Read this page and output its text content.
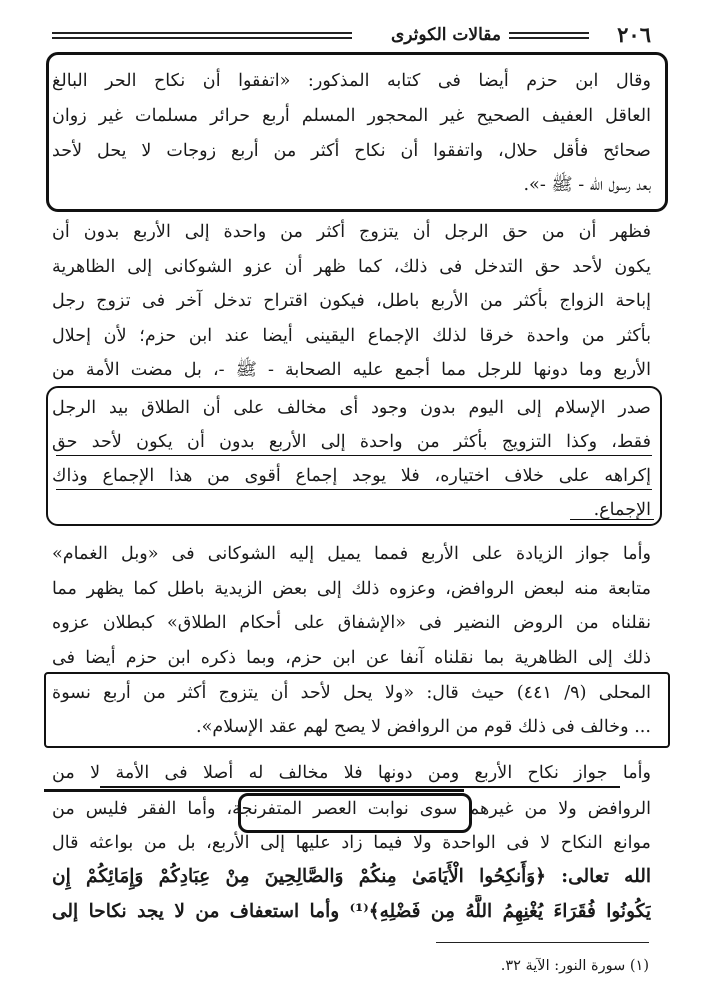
٢٠٦
مقالات الكوثرى
وقال ابن حزم أيضا فى كتابه المذكور: «اتفقوا أن نكاح الحر البالغ
العاقل العفيف الصحيح غير المحجور المسلم أربع حرائر مسلمات غير زوان
صحائح فأقل حلال، واتفقوا أن نكاح أكثر من أربع زوجات لا يحل لأحد
بعد رسول الله - ﷺ -».
فظهر أن من حق الرجل أن يتزوج أكثر من واحدة إلى الأربع بدون أن
يكون لأحد حق التدخل فى ذلك، كما ظهر أن عزو الشوكانى إلى الظاهرية
إباحة الزواج بأكثر من الأربع باطل، فيكون اقتراح تدخل آخر فى تزوج رجل
بأكثر من واحدة خرقا لذلك الإجماع اليقينى أيضا عند ابن حزم؛ لأن إحلال
الأربع وما دونها للرجل مما أجمع عليه الصحابة - ﷺ -، بل مضت الأمة من
صدر الإسلام إلى اليوم بدون وجود أى مخالف على أن الطلاق بيد الرجل
فقط، وكذا التزويج بأكثر من واحدة إلى الأربع بدون أن يكون لأحد حق
إكراهه على خلاف اختياره، فلا يوجد إجماع أقوى من هذا الإجماع وذاك
الإجماع.
وأما جواز الزيادة على الأربع فمما يميل إليه الشوكانى فى «وبل الغمام»
متابعة منه لبعض الروافض، وعزوه ذلك إلى بعض الزيدية باطل كما يظهر مما
نقلناه من الروض النضير فى «الإشفاق على أحكام الطلاق» كبطلان عزوه
ذلك إلى الظاهرية بما نقلناه آنفا عن ابن حزم، وبما ذكره ابن حزم أيضا فى
المحلى (٩/ ٤٤١) حيث قال: «ولا يحل لأحد أن يتزوج أكثر من أربع نسوة
... وخالف فى ذلك قوم من الروافض لا يصح لهم عقد الإسلام».
وأما جواز نكاح الأربع ومن دونها فلا مخالف له أصلا فى الأمة لا من
الروافض ولا من غيرهم سوى نوابت العصر المتفرنجة، وأما الفقر فليس من
موانع النكاح لا فى الواحدة ولا فيما زاد عليها إلى الأربع، بل من بواعثه قال
الله تعالى: ﴿وَأَنكِحُوا الْأَيَامَىٰ مِنكُمْ وَالصَّالِحِينَ مِنْ عِبَادِكُمْ وَإِمَائِكُمْ إِن
يَكُونُوا فُقَرَاءَ يُغْنِهِمُ اللَّهُ مِن فَضْلِهِ﴾⁽¹⁾ وأما استعفاف من لا يجد نكاحا إلى
(١) سورة النور: الآية ٣٢.
